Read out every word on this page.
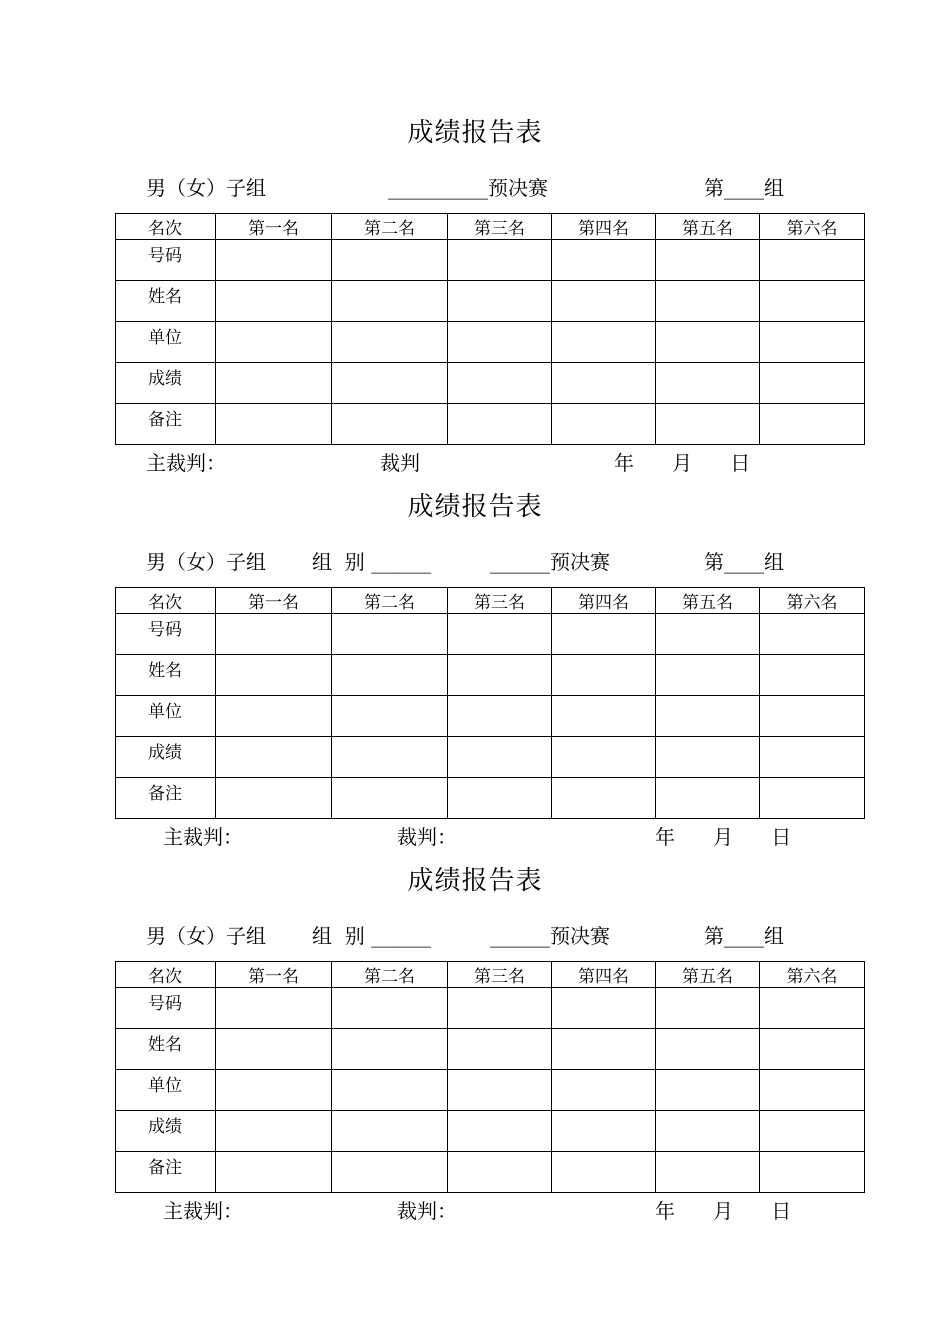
成绩报告表
男（女）子组	__________预决赛	第____组
名次	第一名	第二名	第三名	第四名	第五名	第六名
号码						
姓名						
单位						
成绩						
备注						
主裁判：	裁判	年      月      日
成绩报告表
男（女）子组 组  别 ______	______预决赛	第____组
名次	第一名	第二名	第三名	第四名	第五名	第六名
号码						
姓名						
单位						
成绩						
备注						
主裁判：	裁判：	年      月      日
成绩报告表
男（女）子组 组  别 ______	______预决赛	第____组
名次	第一名	第二名	第三名	第四名	第五名	第六名
号码						
姓名						
单位						
成绩						
备注						
主裁判：	裁判：	年      月      日
